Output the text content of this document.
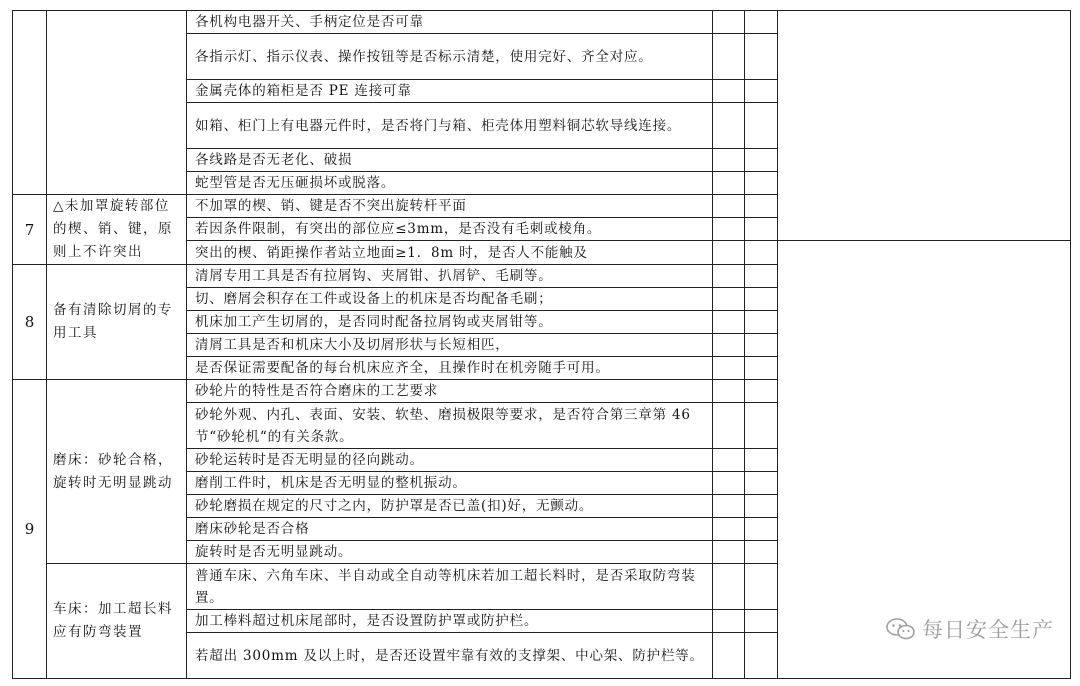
		各机构电器开关、手柄定位是否可靠			
		各指示灯、指示仪表、操作按钮等是否标示清楚，使用完好、齐全对应。			
		金属壳体的箱柜是否 PE 连接可靠			
		如箱、柜门上有电器元件时，是否将门与箱、柜壳体用塑料铜芯软导线连接。			
		各线路是否无老化、破损			
		蛇型管是否无压砸损坏或脱落。			
7	△未加罩旋转部位的楔、销、键，原则上不许突出	不加罩的楔、销、键是否不突出旋转杆平面			
		若因条件限制，有突出的部位应≤3mm，是否没有毛刺或棱角。			
		突出的楔、销距操作者站立地面≥1．8m 时，是否人不能触及			
8	备有清除切屑的专用工具	清屑专用工具是否有拉屑钩、夹屑钳、扒屑铲、毛刷等。			
		切、磨屑会积存在工件或设备上的机床是否均配备毛刷；			
		机床加工产生切屑的，是否同时配备拉屑钩或夹屑钳等。			
		清屑工具是否和机床大小及切屑形状与长短相匹，			
		是否保证需要配备的每台机床应齐全，且操作时在机旁随手可用。			
9	磨床：砂轮合格，旋转时无明显跳动	砂轮片的特性是否符合磨床的工艺要求			
		砂轮外观、内孔、表面、安装、软垫、磨损极限等要求，是否符合第三章第 46 节“砂轮机“的有关条款。			
		砂轮运转时是否无明显的径向跳动。			
		磨削工件时，机床是否无明显的整机振动。			
		砂轮磨损在规定的尺寸之内，防护罩是否已盖(扣)好，无颤动。			
		磨床砂轮是否合格			
		旋转时是否无明显跳动。			
	车床：加工超长料应有防弯装置	普通车床、六角车床、半自动或全自动等机床若加工超长料时，是否采取防弯装置。			
		加工棒料超过机床尾部时，是否设置防护罩或防护栏。			
		若超出 300mm 及以上时，是否还设置牢靠有效的支撑架、中心架、防护栏等。			
每日安全生产
